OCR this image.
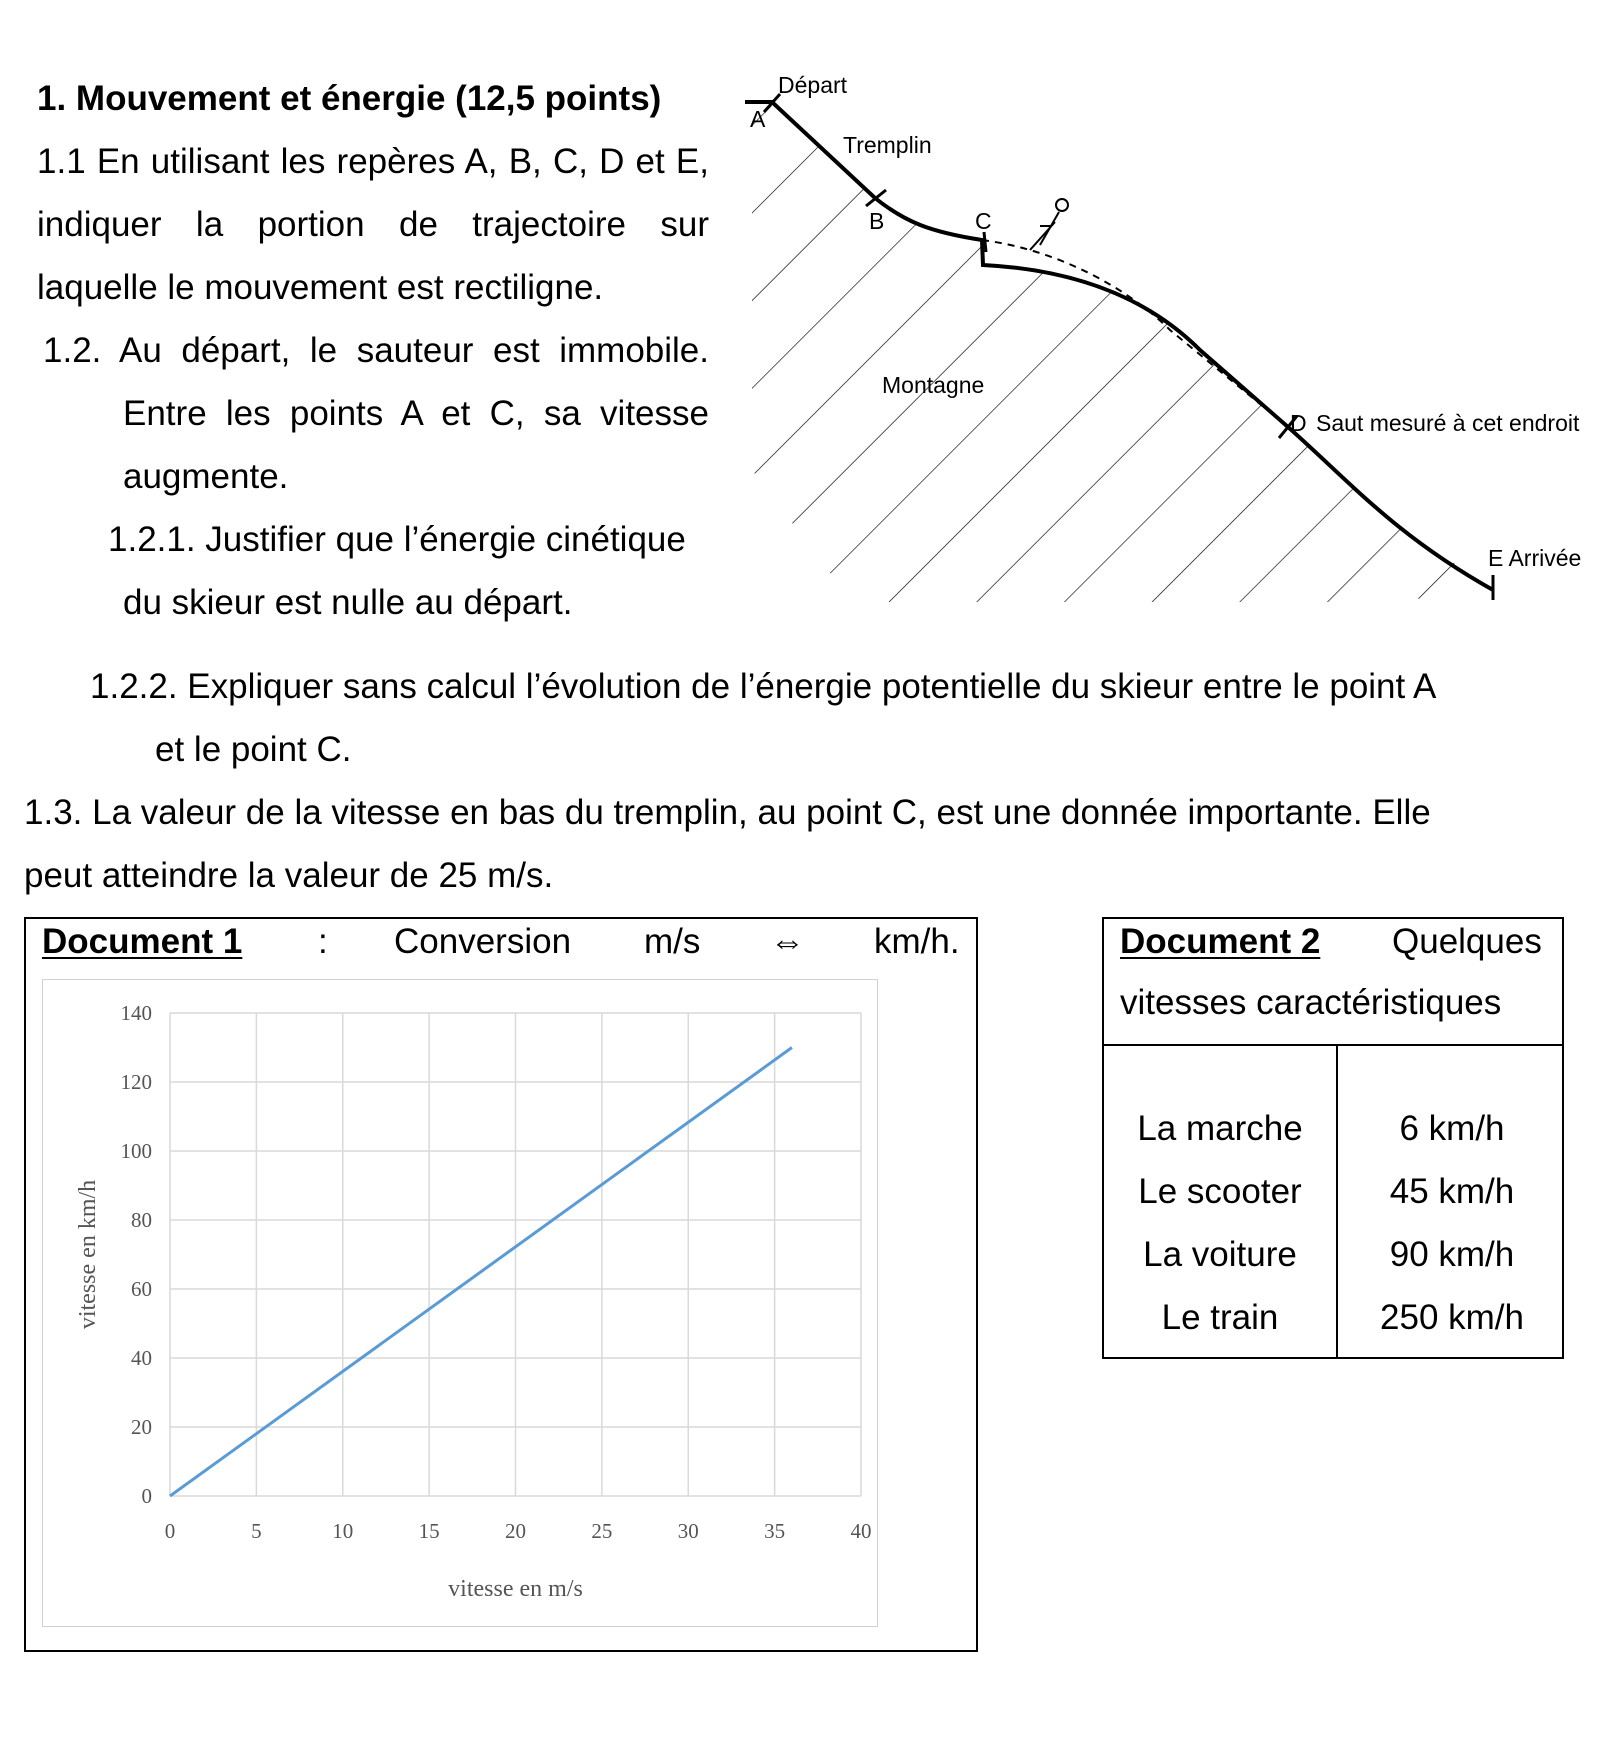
1. Mouvement et énergie (12,5 points)
1.1 En utilisant les repères A, B, C, D et E,
indiquer la portion de trajectoire sur
laquelle le mouvement est rectiligne.
1.2. Au départ, le sauteur est immobile.
Entre les points A et C, sa vitesse
augmente.
1.2.1. Justifier que l’énergie cinétique
du skieur est nulle au départ.
1.2.2. Expliquer sans calcul l’évolution de l’énergie potentielle du skieur entre le point A
et le point C.
1.3. La valeur de la vitesse en bas du tremplin, au point C, est une donnée importante. Elle
peut atteindre la valeur de 25 m/s.
Départ
A
Tremplin
B	C
Montagne
D Saut mesuré à cet endroit
E Arrivée
Document 1 : Conversion m/s ⇔ km/h.
0	5	10	15	20	25	30	35	40
0
20
40
60
80
100
120
140
vitesse en m/s
vitesse en km/h
Document 2 Quelques
vitesses caractéristiques
La marche	6 km/h
Le scooter	45 km/h
La voiture	90 km/h
Le train	250 km/h
